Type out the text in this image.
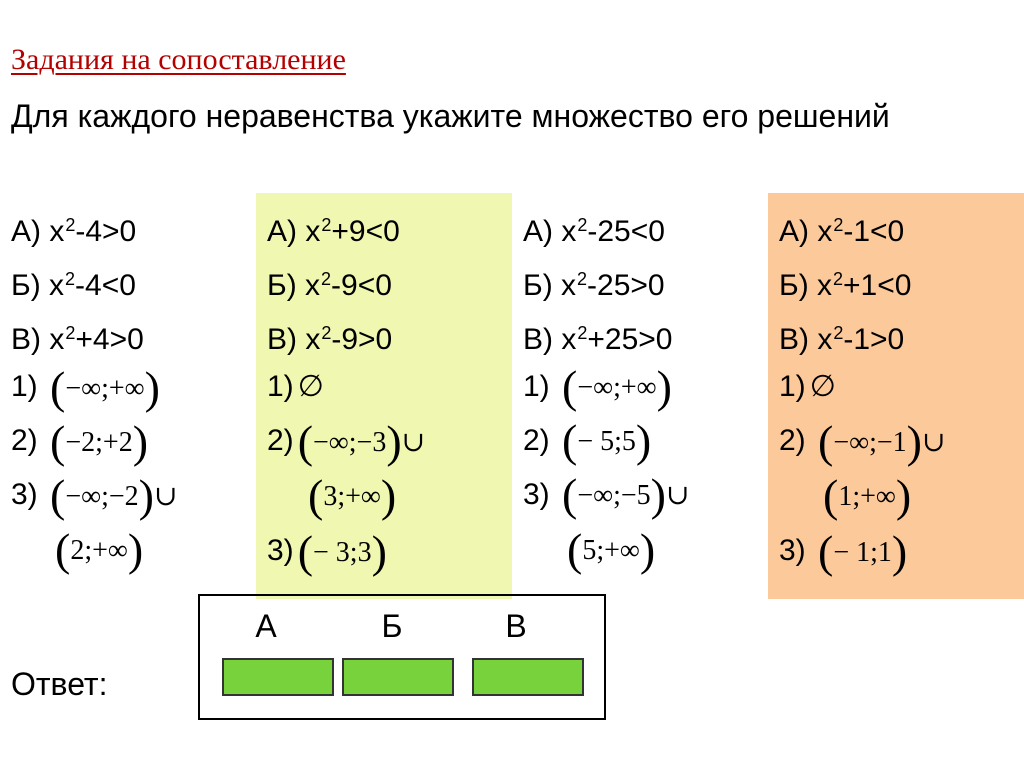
Задания на сопоставление
Для каждого неравенства укажите множество его решений
А) $x^2-4>0$
Б) $x^2-4<0$
В) $x^2+4>0$
1) (−∞;+∞)
2) (−2;+2)
3) (−∞;−2)∪
(2;+∞)
А) $x^2+9<0$
Б) $x^2-9<0$
В) $x^2-9>0$
1) ∅
2)(−∞;−3)∪
(3;+∞)
3)(− 3;3)
А) $x^2-25<0$
Б) $x^2-25>0$
В) $x^2+25>0$
1) (−∞;+∞)
2) (− 5;5)
3) (−∞;−5)∪
(5;+∞)
А) $x^2-1<0$
Б) $x^2+1<0$
В) $x^2-1>0$
1) ∅
2) (−∞;−1)∪
(1;+∞)
3) (− 1;1)
Ответ:
А	Б	В
